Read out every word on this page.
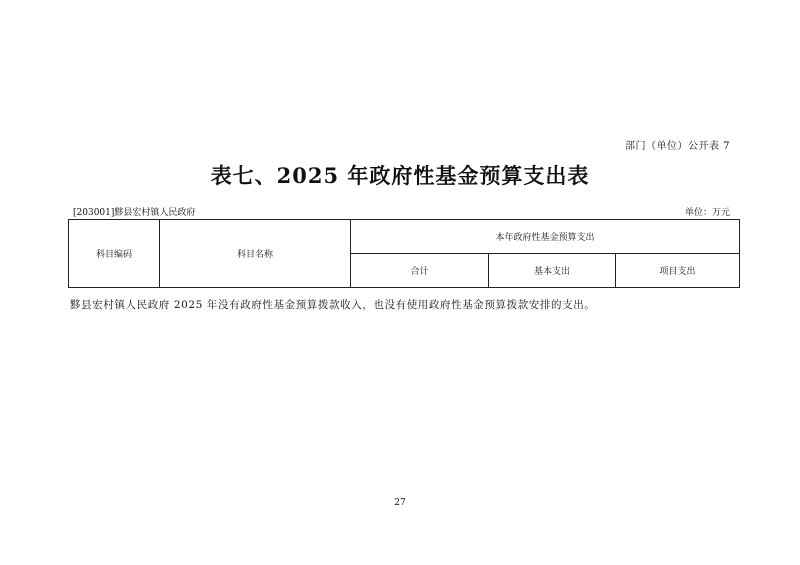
部门（单位）公开表 7
表七、2025 年政府性基金预算支出表
[203001]黟县宏村镇人民政府	单位：万元
科目编码	科目名称	本年政府性基金预算支出		
		合计	基本支出	项目支出
黟县宏村镇人民政府 2025 年没有政府性基金预算拨款收入，也没有使用政府性基金预算拨款安排的支出。
27
